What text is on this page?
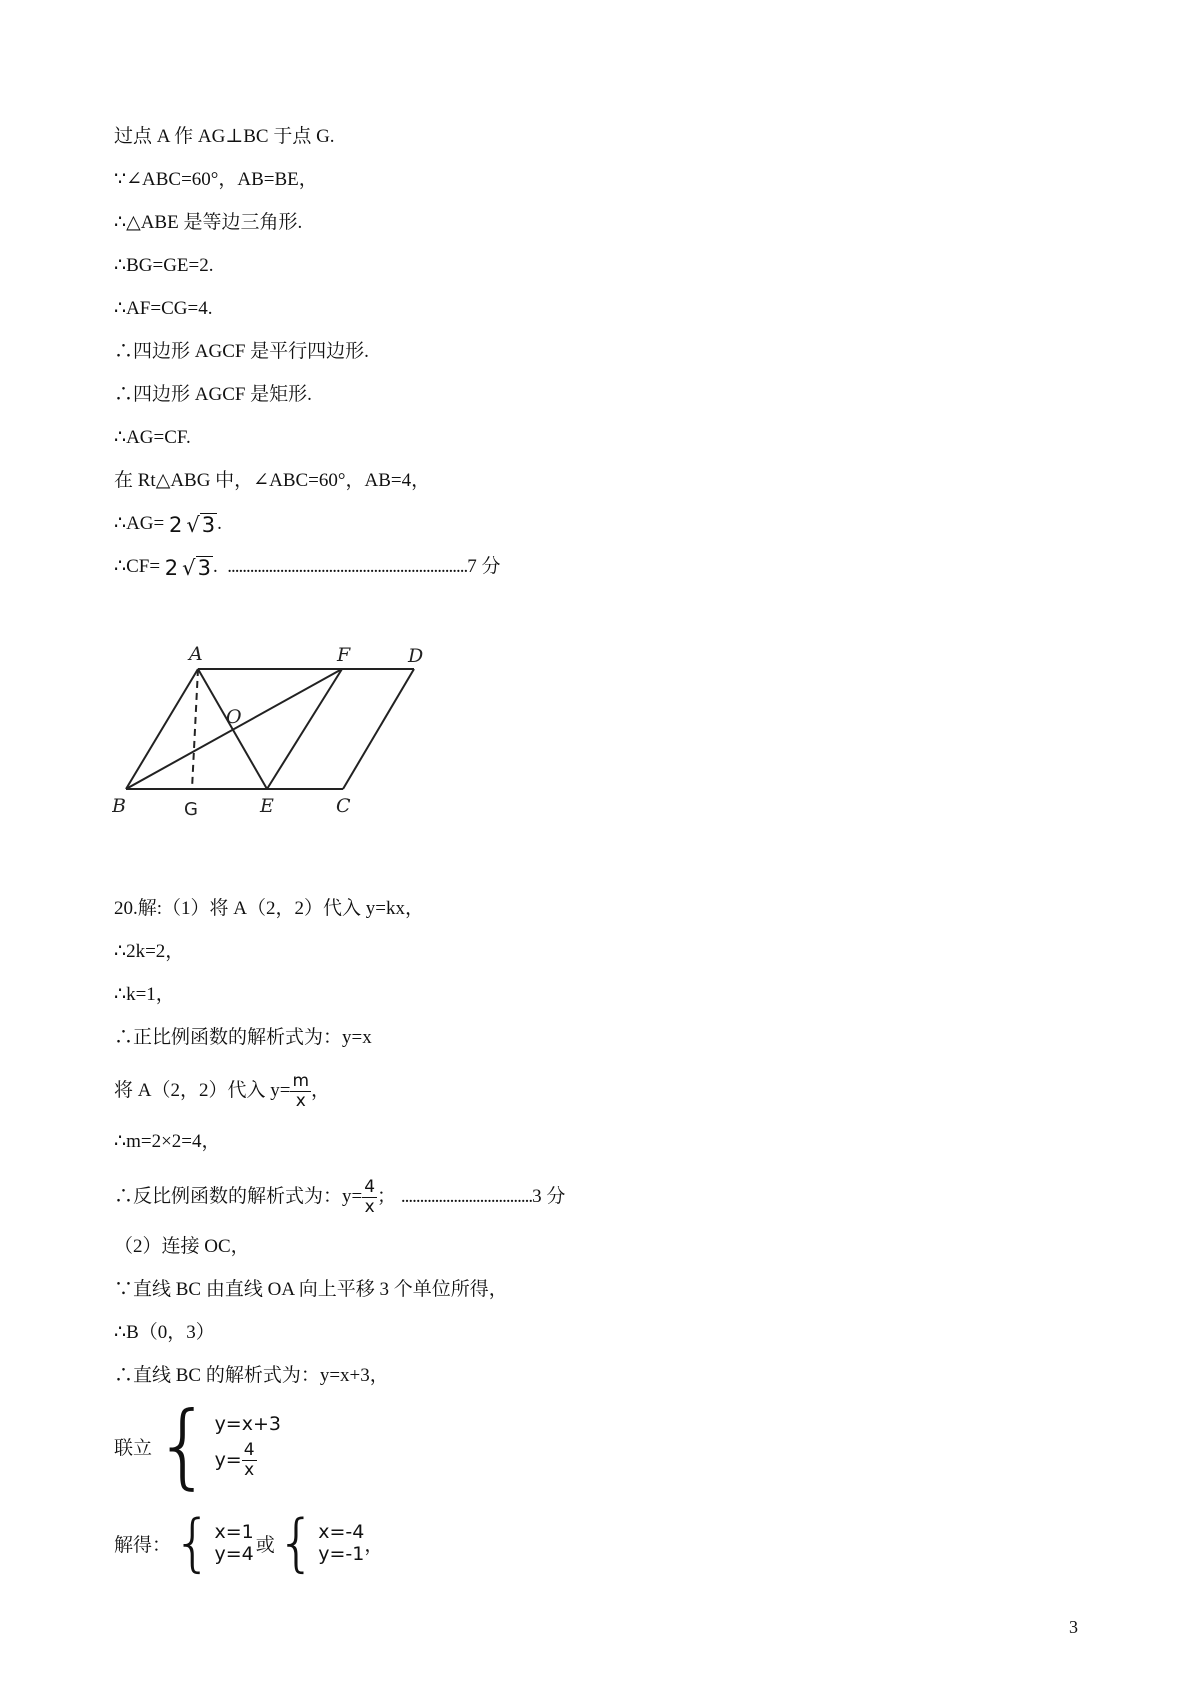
过点 A 作 AG⊥BC 于点 G.
∵∠ABC=60°，AB=BE，
∴△ABE 是等边三角形.
∴BG=GE=2.
∴AF=CG=4.
∴四边形 AGCF 是平行四边形.
∴四边形 AGCF 是矩形.
∴AG=CF.
在 Rt△ABG 中，∠ABC=60°，AB=4，
∴AG= 2 √3 .
∴CF= 2 √3 . ................................................................7 分
A	F	D
O
B	E	C
G
20.解:（1）将 A（2，2）代入 y=kx，
∴2k=2，
∴k=1，
∴正比例函数的解析式为：y=x
将 A（2，2）代入 $y= \frac{m}{x}$ ，
∴m=2×2=4，
∴反比例函数的解析式为：$y= \frac{4}{x}$ ； ...................................3 分
（2）连接 OC，
∵直线 BC 由直线 OA 向上平移 3 个单位所得，
∴B（0，3）
∴直线 BC 的解析式为：y=x+3，
联立 { y=x+3
$y= \frac{4}{x}$
解得： { x=1
y=4 或 { x=-4
y=-1 ，
3
